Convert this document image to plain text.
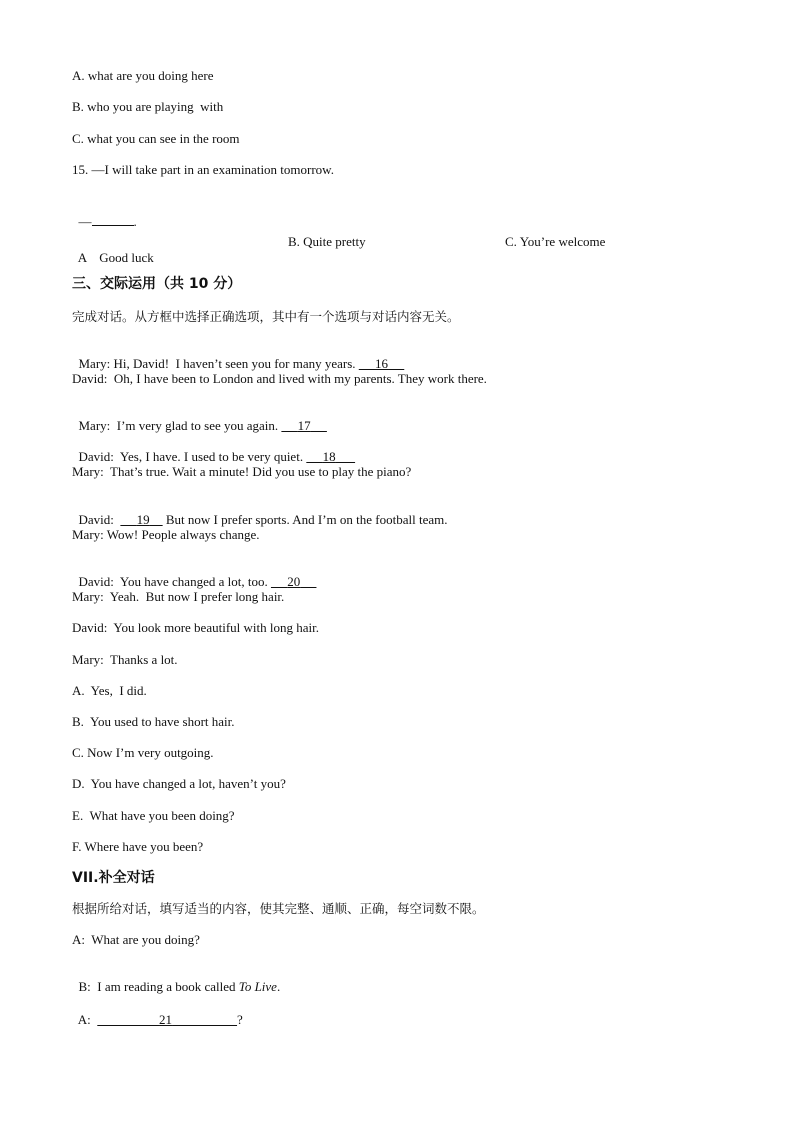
A. what are you doing here
B. who you are playing  with
C. what you can see in the room
15. —I will take part in an examination tomorrow.

—	.

A Good luck

B. Quite pretty	C. You’re welcome
三、交际运用（共 10 分）
完成对话。从方框中选择正确选项，其中有一个选项与对话内容无关。

Mary: Hi, David!  I haven’t seen you for many years.      16

David:  Oh, I have been to London and lived with my parents. They work there.

Mary:  I’m very glad to see you again.      17

David:  Yes, I have. I used to be very quiet.      18

Mary:  That’s true. Wait a minute! Did you use to play the piano?

David:       19     But now I prefer sports. And I’m on the football team.

Mary: Wow! People always change.

David:  You have changed a lot, too.      20

Mary:  Yeah.  But now I prefer long hair.
David:  You look more beautiful with long hair.
Mary:  Thanks a lot.
A.  Yes,  I did.
B.  You used to have short hair.
C. Now I’m very outgoing.
D.  You have changed a lot, haven’t you?
E.  What have you been doing?
F. Where have you been?
VII.补全对话
根据所给对话，填写适当的内容，使其完整、通顺、正确，每空词数不限。
A:  What are you doing?

B:  I am reading a book called To Live.

A:	21	?
